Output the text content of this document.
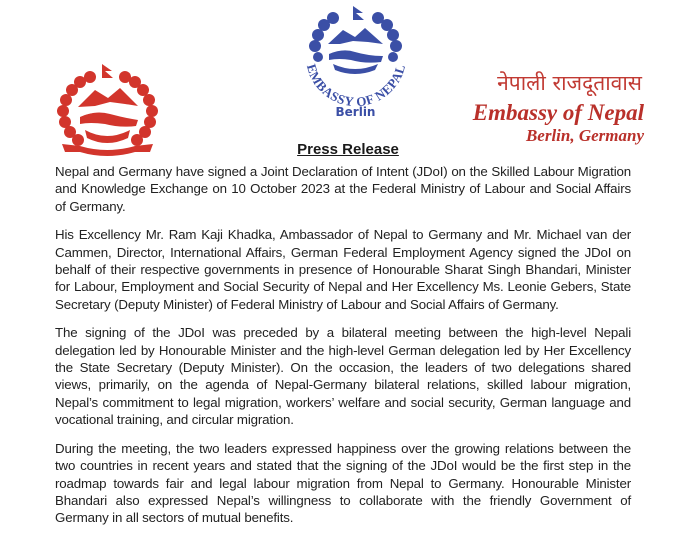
EMBASSY OF NEPAL
Berlin
नेपाली राजदूतावास
Embassy of Nepal
Berlin, Germany
Press Release

Nepal and Germany have signed a Joint Declaration of Intent (JDoI) on the Skilled Labour Migration and Knowledge Exchange on 10 October 2023 at the Federal Ministry of Labour and Social Affairs of Germany.

His Excellency Mr. Ram Kaji Khadka, Ambassador of Nepal to Germany and Mr. Michael van der Cammen, Director, International Affairs, German Federal Employment Agency signed the JDoI on behalf of their respective governments in presence of Honourable Sharat Singh Bhandari, Minister for Labour, Employment and Social Security of Nepal and Her Excellency Ms. Leonie Gebers, State Secretary (Deputy Minister) of Federal Ministry of Labour and Social Affairs of Germany.

The signing of the JDoI was preceded by a bilateral meeting between the high-level Nepali delegation led by Honourable Minister and the high-level German delegation led by Her Excellency the State Secretary (Deputy Minister). On the occasion, the leaders of two delegations shared views, primarily, on the agenda of Nepal-Germany bilateral relations, skilled labour migration, Nepal’s commitment to legal migration, workers’ welfare and social security, German language and vocational training, and circular migration.

During the meeting, the two leaders expressed happiness over the growing relations between the two countries in recent years and stated that the signing of the JDoI would be the first step in the roadmap towards fair and legal labour migration from Nepal to Germany. Honourable Minister Bhandari also expressed Nepal’s willingness to collaborate with the friendly Government of Germany in all sectors of mutual benefits.
